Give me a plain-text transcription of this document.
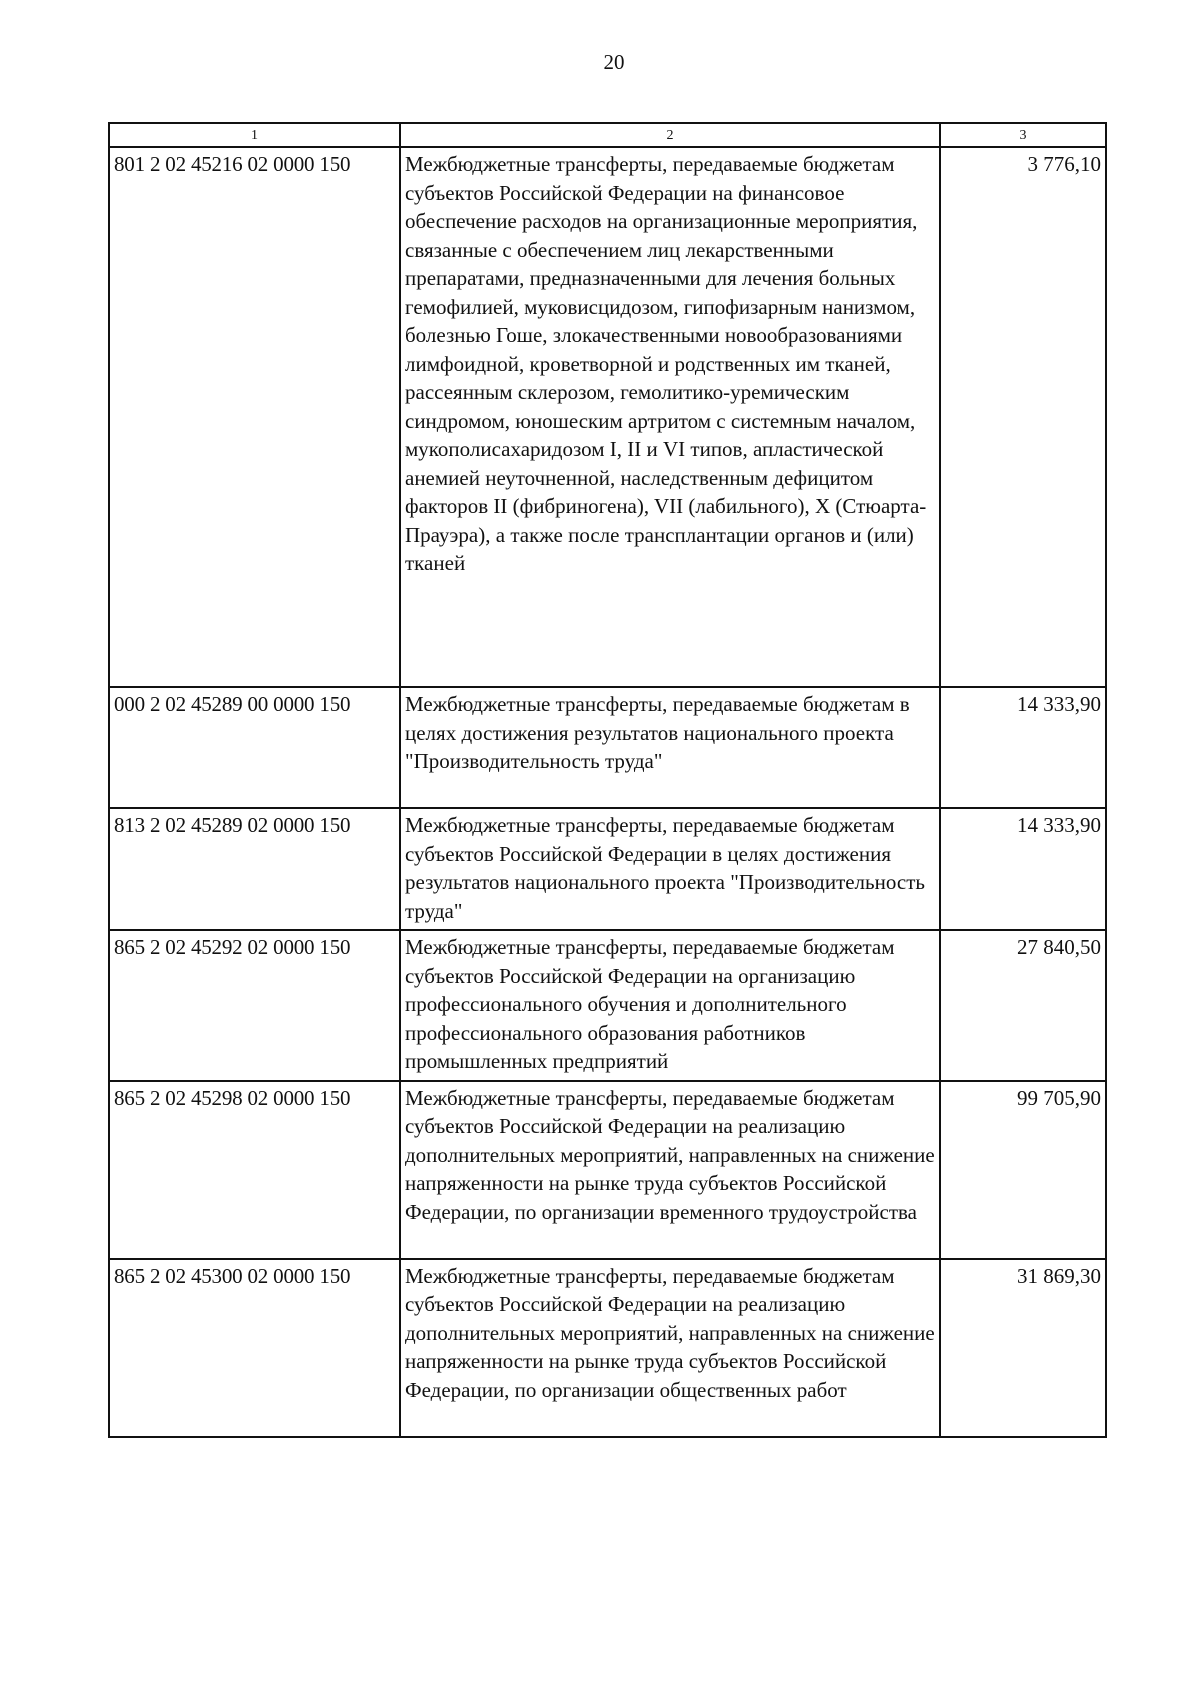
20
1	2	3
801 2 02 45216 02 0000 150	Межбюджетные трансферты, передаваемые бюджетам субъектов Российской Федерации на финансовое обеспечение расходов на организационные мероприятия, связанные с обеспечением лиц лекарственными препаратами, предназначенными для лечения больных гемофилией, муковисцидозом, гипофизарным нанизмом, болезнью Гоше, злокачественными новообразованиями лимфоидной, кроветворной и родственных им тканей, рассеянным склерозом, гемолитико-уремическим синдромом, юношеским артритом с системным началом, мукополисахаридозом I, II и VI типов, апластической анемией неуточненной, наследственным дефицитом факторов II (фибриногена), VII (лабильного), X (Стюарта-Прауэра), а также после трансплантации органов и (или) тканей	3 776,10
000 2 02 45289 00 0000 150	Межбюджетные трансферты, передаваемые бюджетам в целях достижения результатов национального проекта "Производительность труда"	14 333,90
813 2 02 45289 02 0000 150	Межбюджетные трансферты, передаваемые бюджетам субъектов Российской Федерации в целях достижения результатов национального проекта "Производительность труда"	14 333,90
865 2 02 45292 02 0000 150	Межбюджетные трансферты, передаваемые бюджетам субъектов Российской Федерации на организацию профессионального обучения и дополнительного профессионального образования работников промышленных предприятий	27 840,50
865 2 02 45298 02 0000 150	Межбюджетные трансферты, передаваемые бюджетам субъектов Российской Федерации на реализацию дополнительных мероприятий, направленных на снижение напряженности на рынке труда субъектов Российской Федерации, по организации временного трудоустройства	99 705,90
865 2 02 45300 02 0000 150	Межбюджетные трансферты, передаваемые бюджетам субъектов Российской Федерации на реализацию дополнительных мероприятий, направленных на снижение напряженности на рынке труда субъектов Российской Федерации, по организации общественных работ	31 869,30
